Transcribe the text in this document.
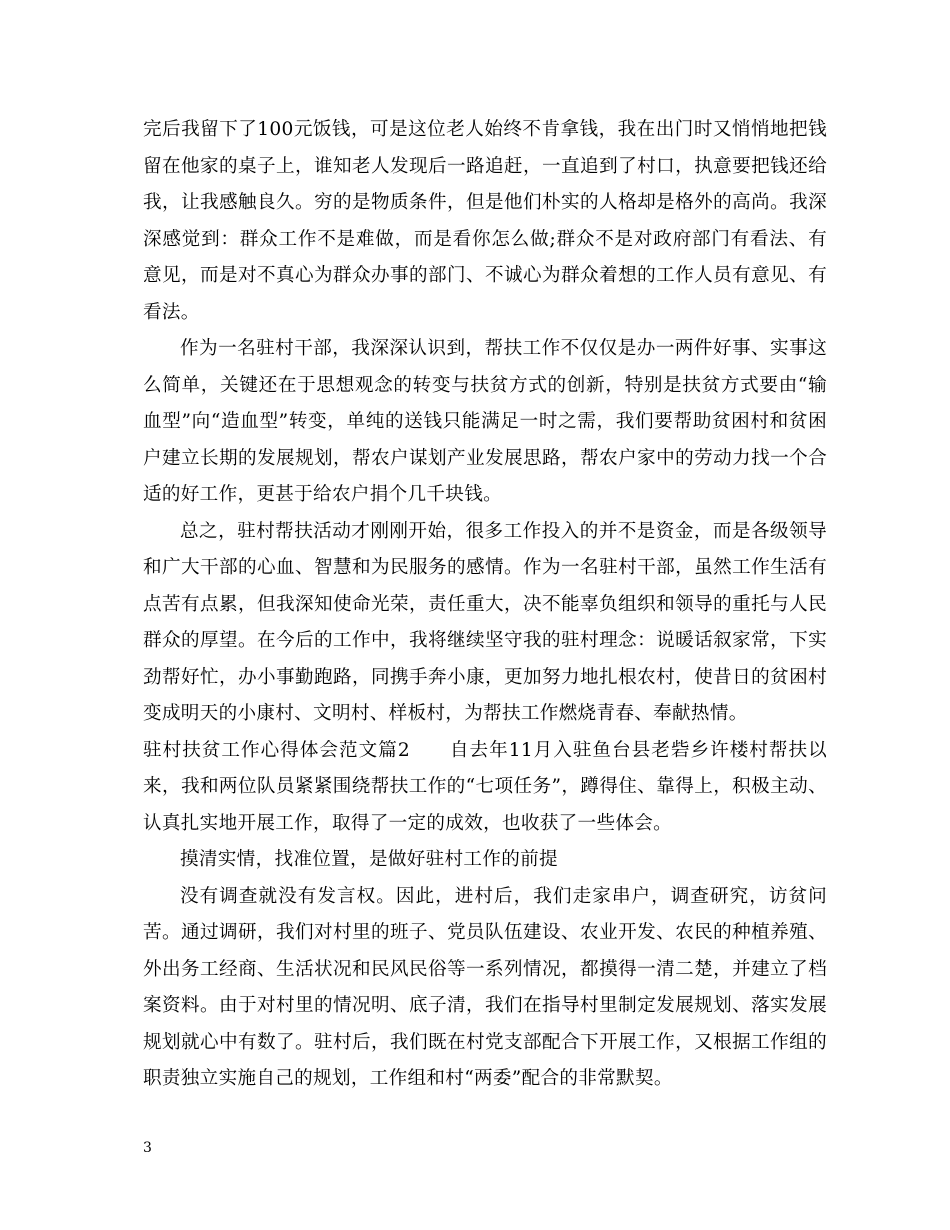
完后我留下了100元饭钱，可是这位老人始终不肯拿钱，我在出门时又悄悄地把钱留在他家的桌子上，谁知老人发现后一路追赶，一直追到了村口，执意要把钱还给我，让我感触良久。穷的是物质条件，但是他们朴实的人格却是格外的高尚。我深深感觉到：群众工作不是难做，而是看你怎么做;群众不是对政府部门有看法、有意见，而是对不真心为群众办事的部门、不诚心为群众着想的工作人员有意见、有看法。

作为一名驻村干部，我深深认识到，帮扶工作不仅仅是办一两件好事、实事这么简单，关键还在于思想观念的转变与扶贫方式的创新，特别是扶贫方式要由“输血型”向“造血型”转变，单纯的送钱只能满足一时之需，我们要帮助贫困村和贫困户建立长期的发展规划，帮农户谋划产业发展思路，帮农户家中的劳动力找一个合适的好工作，更甚于给农户捐个几千块钱。

总之，驻村帮扶活动才刚刚开始，很多工作投入的并不是资金，而是各级领导和广大干部的心血、智慧和为民服务的感情。作为一名驻村干部，虽然工作生活有点苦有点累，但我深知使命光荣，责任重大，决不能辜负组织和领导的重托与人民群众的厚望。在今后的工作中，我将继续坚守我的驻村理念：说暖话叙家常，下实劲帮好忙，办小事勤跑路，同携手奔小康，更加努力地扎根农村，使昔日的贫困村变成明天的小康村、文明村、样板村，为帮扶工作燃烧青春、奉献热情。

驻村扶贫工作心得体会范文篇2　　自去年11月入驻鱼台县老砦乡许楼村帮扶以来，我和两位队员紧紧围绕帮扶工作的“七项任务”，蹲得住、靠得上，积极主动、认真扎实地开展工作，取得了一定的成效，也收获了一些体会。

摸清实情，找准位置，是做好驻村工作的前提

没有调查就没有发言权。因此，进村后，我们走家串户，调查研究，访贫问苦。通过调研，我们对村里的班子、党员队伍建设、农业开发、农民的种植养殖、外出务工经商、生活状况和民风民俗等一系列情况，都摸得一清二楚，并建立了档案资料。由于对村里的情况明、底子清，我们在指导村里制定发展规划、落实发展规划就心中有数了。驻村后，我们既在村党支部配合下开展工作，又根据工作组的职责独立实施自己的规划，工作组和村“两委”配合的非常默契。

3
